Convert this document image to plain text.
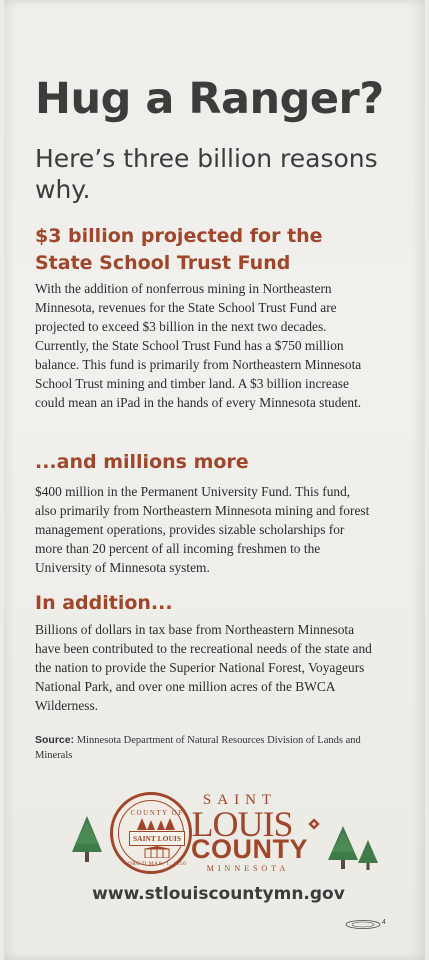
Hug a Ranger?

Here’s three billion reasons why.

$3 billion projected for the State School Trust Fund

With the addition of nonferrous mining in Northeastern Minnesota, revenues for the State School Trust Fund are projected to exceed $3 billion in the next two decades. Currently, the State School Trust Fund has a $750 million balance. This fund is primarily from Northeastern Minnesota School Trust mining and timber land. A $3 billion increase could mean an iPad in the hands of every Minnesota student.

...and millions more

$400 million in the Permanent University Fund. This fund, also primarily from Northeastern Minnesota mining and forest management operations, provides sizable scholarships for more than 20 percent of all incoming freshmen to the University of Minnesota system.

In addition...

Billions of dollars in tax base from Northeastern Minnesota have been contributed to the recreational needs of the state and the nation to provide the Superior National Forest, Voyageurs National Park, and over one million acres of the BWCA Wilderness.

Source: Minnesota Department of Natural Resources Division of Lands and Minerals

COUNTY OF
SAINT LOUIS
ORG'D MAR. 1, 1856
SAINT
LOUIS
COUNTY
MINNESOTA

www.stlouiscountymn.gov

4
